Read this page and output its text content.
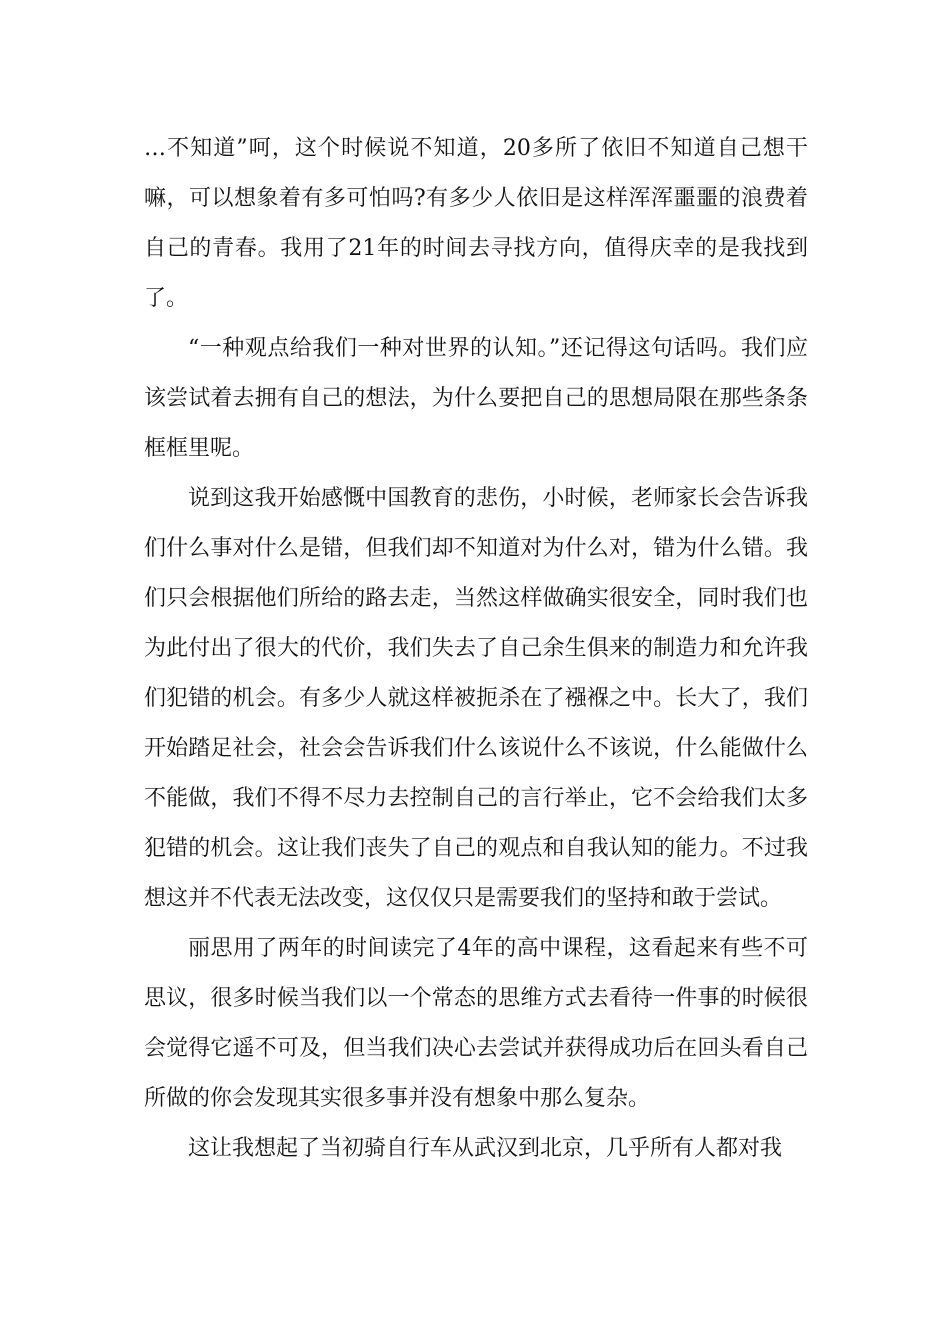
…不知道”呵，这个时候说不知道，20多所了依旧不知道自己想干嘛，可以想象着有多可怕吗?有多少人依旧是这样浑浑噩噩的浪费着自己的青春。我用了21年的时间去寻找方向，值得庆幸的是我找到了。

“一种观点给我们一种对世界的认知。”还记得这句话吗。我们应该尝试着去拥有自己的想法，为什么要把自己的思想局限在那些条条框框里呢。

说到这我开始感慨中国教育的悲伤，小时候，老师家长会告诉我们什么事对什么是错，但我们却不知道对为什么对，错为什么错。我们只会根据他们所给的路去走，当然这样做确实很安全，同时我们也为此付出了很大的代价，我们失去了自己余生俱来的制造力和允许我们犯错的机会。有多少人就这样被扼杀在了襁褓之中。长大了，我们开始踏足社会，社会会告诉我们什么该说什么不该说，什么能做什么不能做，我们不得不尽力去控制自己的言行举止，它不会给我们太多犯错的机会。这让我们丧失了自己的观点和自我认知的能力。不过我想这并不代表无法改变，这仅仅只是需要我们的坚持和敢于尝试。

丽思用了两年的时间读完了4年的高中课程，这看起来有些不可思议，很多时候当我们以一个常态的思维方式去看待一件事的时候很会觉得它遥不可及，但当我们决心去尝试并获得成功后在回头看自己所做的你会发现其实很多事并没有想象中那么复杂。

这让我想起了当初骑自行车从武汉到北京，几乎所有人都对我
